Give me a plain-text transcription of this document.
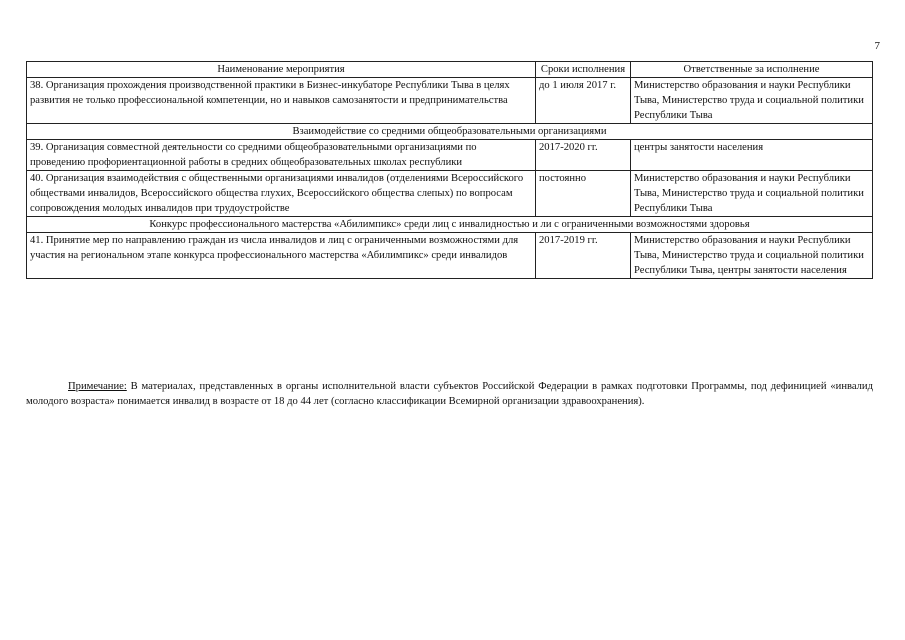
7
Наименование мероприятия	Сроки исполнения	Ответственные за исполнение
38. Организация прохождения производственной практики в Бизнес-инкубаторе Республики Тыва в целях развития не только профессиональной компетенции, но и навыков самозанятости и предпринимательства	до 1 июля 2017 г.	Министерство образования и науки Республики Тыва, Министерство труда и социальной политики Республики Тыва
Взаимодействие со средними общеобразовательными организациями		
39. Организация совместной деятельности со средними общеобразовательными организациями по проведению профориентационной работы в средних общеобразовательных школах республики	2017-2020 гг.	центры занятости населения
40. Организация взаимодействия с общественными организациями инвалидов (отделениями Всероссийского обществами инвалидов, Всероссийского общества глухих, Всероссийского общества слепых) по вопросам сопровождения молодых инвалидов при трудоустройстве	постоянно	Министерство образования и науки Республики Тыва, Министерство труда и социальной политики Республики Тыва
Конкурс профессионального мастерства «Абилимпикс» среди лиц с инвалидностью и ли с ограниченными возможностями здоровья		
41. Принятие мер по направлению граждан из числа инвалидов и лиц с ограниченными возможностями для участия на региональном этапе конкурса профессионального мастерства «Абилимпикс» среди инвалидов	2017-2019 гг.	Министерство образования и науки Республики Тыва, Министерство труда и социальной политики Республики Тыва, центры занятости населения
Примечание: В материалах, представленных в органы исполнительной власти субъектов Российской Федерации в рамках подготовки Программы, под дефиницией «инвалид молодого возраста» понимается инвалид в возрасте от 18 до 44 лет (согласно классификации Всемирной организации здравоохранения).
